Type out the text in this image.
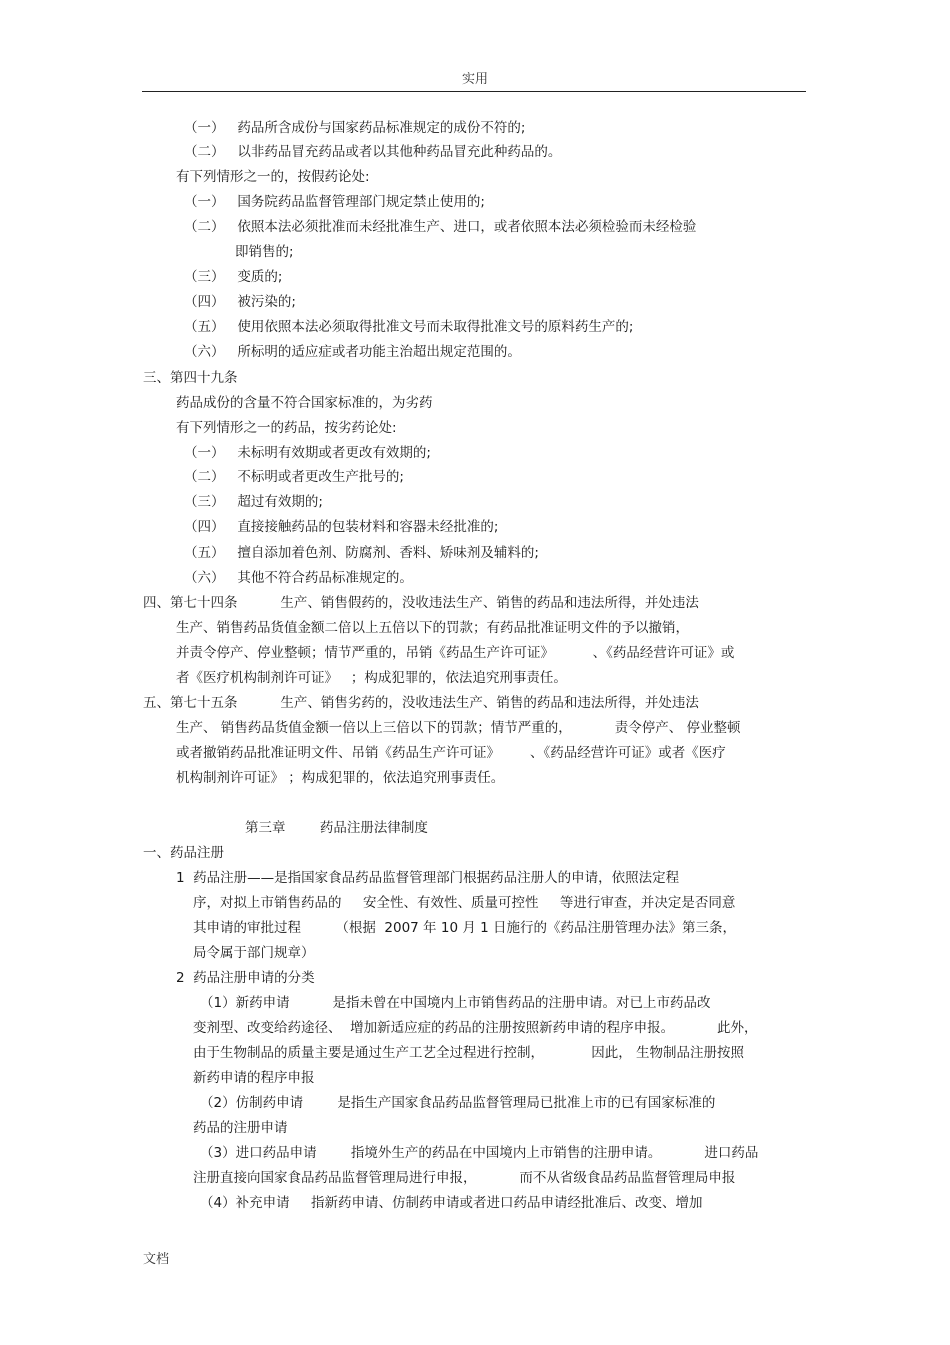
实用
（一）   药品所含成份与国家药品标准规定的成份不符的;
（二）   以非药品冒充药品或者以其他种药品冒充此种药品的。
有下列情形之一的，按假药论处:
（一）   国务院药品监督管理部门规定禁止使用的;
（二）   依照本法必须批准而未经批准生产、进口，或者依照本法必须检验而未经检验
即销售的;
（三）   变质的;
（四）   被污染的;
（五）   使用依照本法必须取得批准文号而未取得批准文号的原料药生产的;
（六）   所标明的适应症或者功能主治超出规定范围的。
三、第四十九条
药品成份的含量不符合国家标准的，为劣药
有下列情形之一的药品，按劣药论处:
（一）   未标明有效期或者更改有效期的;
（二）   不标明或者更改生产批号的;
（三）   超过有效期的;
（四）   直接接触药品的包装材料和容器未经批准的;
（五）   擅自添加着色剂、防腐剂、香料、矫味剂及辅料的;
（六）   其他不符合药品标准规定的。
四、第七十四条          生产、销售假药的，没收违法生产、销售的药品和违法所得，并处违法
生产、销售药品货值金额二倍以上五倍以下的罚款；有药品批准证明文件的予以撤销，
并责令停产、停业整顿；情节严重的，吊销《药品生产许可证》         、《药品经营许可证》或
者《医疗机构制剂许可证》   ；构成犯罪的，依法追究刑事责任。
五、第七十五条          生产、销售劣药的，没收违法生产、销售的药品和违法所得，并处违法
生产、 销售药品货值金额一倍以上三倍以下的罚款；情节严重的，          责令停产、 停业整顿
或者撤销药品批准证明文件、吊销《药品生产许可证》       、《药品经营许可证》或者《医疗
机构制剂许可证》 ；构成犯罪的，依法追究刑事责任。
第三章        药品注册法律制度
一、药品注册
1  药品注册——是指国家食品药品监督管理部门根据药品注册人的申请，依照法定程
序，对拟上市销售药品的     安全性、有效性、质量可控性     等进行审查，并决定是否同意
其申请的审批过程        （根据  2007 年 10 月 1 日施行的《药品注册管理办法》第三条，
局令属于部门规章）
2  药品注册申请的分类
（1）新药申请          是指未曾在中国境内上市销售药品的注册申请。对已上市药品改
变剂型、改变给药途径、  增加新适应症的药品的注册按照新药申请的程序申报。          此外，
由于生物制品的质量主要是通过生产工艺全过程进行控制，           因此， 生物制品注册按照
新药申请的程序申报
（2）仿制药申请        是指生产国家食品药品监督管理局已批准上市的已有国家标准的
药品的注册申请
（3）进口药品申请        指境外生产的药品在中国境内上市销售的注册申请。          进口药品
注册直接向国家食品药品监督管理局进行申报，          而不从省级食品药品监督管理局申报
（4）补充申请     指新药申请、仿制药申请或者进口药品申请经批准后、改变、增加
文档
